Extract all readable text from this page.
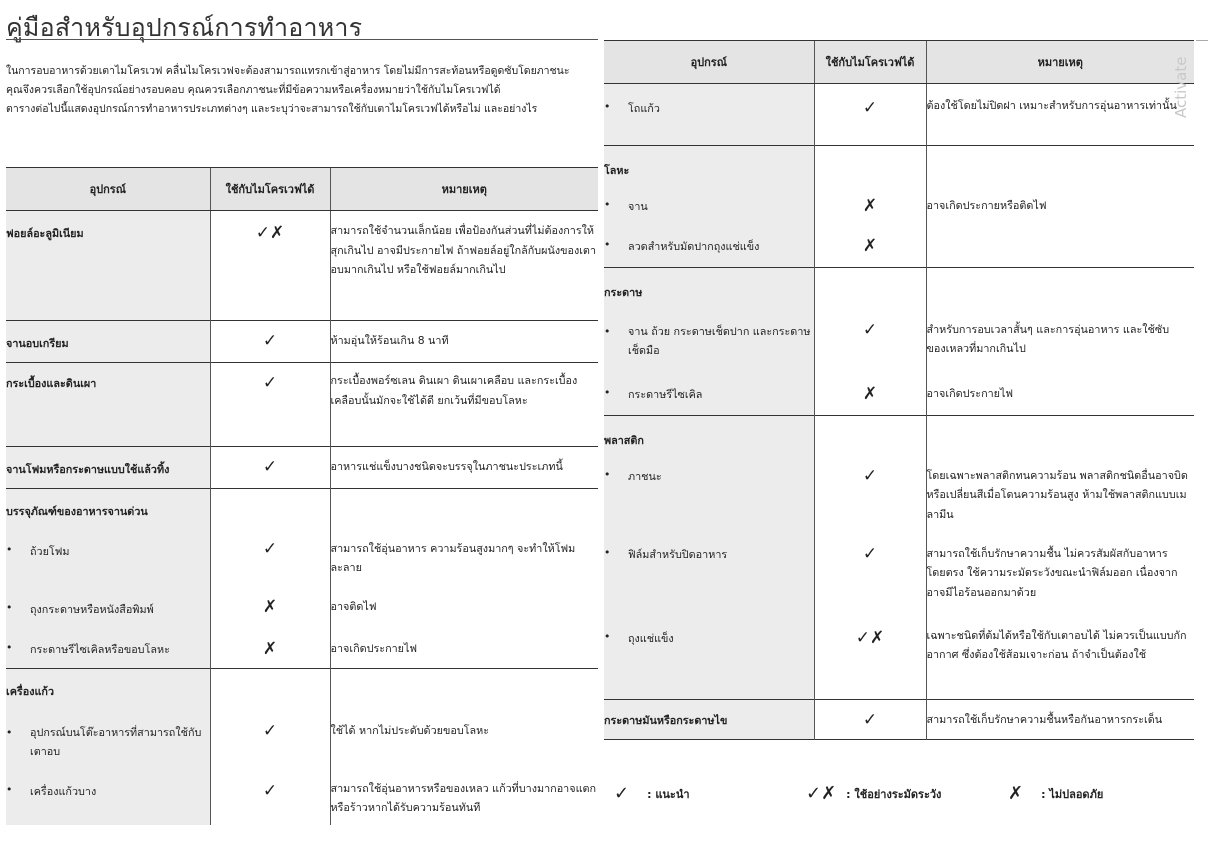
คู่มือสำหรับอุปกรณ์การทำอาหาร

ในการอบอาหารด้วยเตาไมโครเวฟ คลื่นไมโครเวฟจะต้องสามารถแทรกเข้าสู่อาหาร โดยไม่มีการสะท้อนหรือดูดซับโดยภาชนะ

คุณจึงควรเลือกใช้อุปกรณ์อย่างรอบคอบ คุณควรเลือกภาชนะที่มีข้อความหรือเครื่องหมายว่าใช้กับไมโครเวฟได้

ตารางต่อไปนี้แสดงอุปกรณ์การทำอาหารประเภทต่างๆ และระบุว่าจะสามารถใช้กับเตาไมโครเวฟได้หรือไม่ และอย่างไร

อุปกรณ์	ใช้กับไมโครเวฟได้	หมายเหตุ
ฟอยล์อะลูมิเนียม	✓✗	สามารถใช้จำนวนเล็กน้อย เพื่อป้องกันส่วนที่ไม่ต้องการให้สุกเกินไป อาจมีประกายไฟ ถ้าฟอยล์อยู่ใกล้กับผนังของเตาอบมากเกินไป หรือใช้ฟอยล์มากเกินไป
จานอบเกรียม	✓	ห้ามอุ่นให้ร้อนเกิน 8 นาที
กระเบื้องและดินเผา	✓	กระเบื้องพอร์ซเลน ดินเผา ดินเผาเคลือบ และกระเบื้องเคลือบนั้นมักจะใช้ได้ดี ยกเว้นที่มีขอบโลหะ
จานโฟมหรือกระดาษแบบใช้แล้วทิ้ง	✓	อาหารแช่แข็งบางชนิดจะบรรจุในภาชนะประเภทนี้
บรรจุภัณฑ์ของอาหารจานด่วน		

• ถ้วยโฟม	✓	สามารถใช้อุ่นอาหาร ความร้อนสูงมากๆ จะทำให้โฟมละลาย

• ถุงกระดาษหรือหนังสือพิมพ์	✗	อาจติดไฟ

• กระดาษรีไซเคิลหรือขอบโลหะ	✗	อาจเกิดประกายไฟ
เครื่องแก้ว		

• อุปกรณ์บนโต๊ะอาหารที่สามารถใช้กับเตาอบ	✓	ใช้ได้ หากไม่ประดับด้วยขอบโลหะ

• เครื่องแก้วบาง	✓	สามารถใช้อุ่นอาหารหรือของเหลว แก้วที่บางมากอาจแตกหรือร้าวหากได้รับความร้อนทันที
อุปกรณ์	ใช้กับไมโครเวฟได้	หมายเหตุ

• โถแก้ว	✓	ต้องใช้โดยไม่ปิดฝา เหมาะสำหรับการอุ่นอาหารเท่านั้น
โลหะ		

• จาน	✗	อาจเกิดประกายหรือติดไฟ

• ลวดสำหรับมัดปากถุงแช่แข็ง	✗	
กระดาษ		

• จาน ถ้วย กระดาษเช็ดปาก และกระดาษเช็ดมือ	✓	สำหรับการอบเวลาสั้นๆ และการอุ่นอาหาร และใช้ซับของเหลวที่มากเกินไป

• กระดาษรีไซเคิล	✗	อาจเกิดประกายไฟ
พลาสติก		

• ภาชนะ	✓	โดยเฉพาะพลาสติกทนความร้อน พลาสติกชนิดอื่นอาจบิดหรือเปลี่ยนสีเมื่อโดนความร้อนสูง ห้ามใช้พลาสติกแบบเมลามีน

• ฟิล์มสำหรับปิดอาหาร	✓	สามารถใช้เก็บรักษาความชื้น ไม่ควรสัมผัสกับอาหารโดยตรง ใช้ความระมัดระวังขณะนำฟิล์มออก เนื่องจากอาจมีไอร้อนออกมาด้วย

• ถุงแช่แข็ง	✓✗	เฉพาะชนิดที่ต้มได้หรือใช้กับเตาอบได้ ไม่ควรเป็นแบบกักอากาศ ซึ่งต้องใช้ส้อมเจาะก่อน ถ้าจำเป็นต้องใช้
กระดาษมันหรือกระดาษไข	✓	สามารถใช้เก็บรักษาความชื้นหรือกันอาหารกระเด็น
✓ : แนะนำ	✓✗ : ใช้อย่างระมัดระวัง	✗ : ไม่ปลอดภัย
Activate
